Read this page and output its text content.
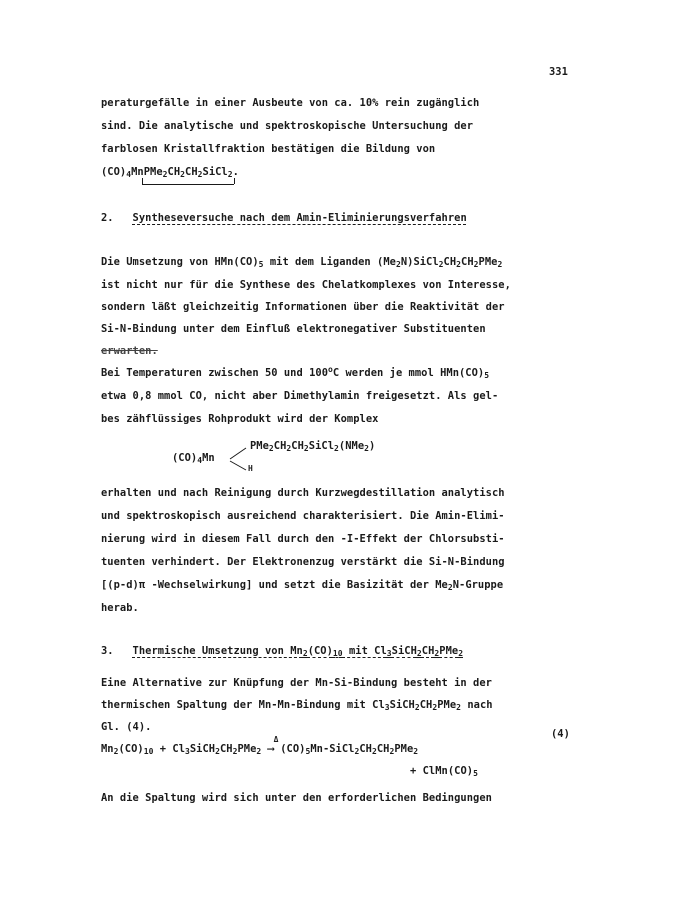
331
peraturgefälle in einer Ausbeute von ca. 10% rein zugänglich
sind. Die analytische und spektroskopische Untersuchung der
farblosen Kristallfraktion bestätigen die Bildung von
$(CO)_4MnPMe_2CH_2CH_2SiCl_2$.
2. Syntheseversuche nach dem Amin-Eliminierungsverfahren
Die Umsetzung von $HMn(CO)_5$ mit dem Liganden $(Me_2N)SiCl_2CH_2CH_2PMe_2$
ist nicht nur für die Synthese des Chelatkomplexes von Interesse,
sondern läßt gleichzeitig Informationen über die Reaktivität der
Si-N-Bindung unter dem Einfluß elektronegativer Substituenten
erwarten.
Bei Temperaturen zwischen 50 und 100$^o$C werden je mmol $HMn(CO)_5$
etwa 0,8 mmol CO, nicht aber Dimethylamin freigesetzt. Als gel-
bes zähflüssiges Rohprodukt wird der Komplex
$(CO)_4Mn$
$PMe_2CH_2CH_2SiCl_2(NMe_2)$
H
erhalten und nach Reinigung durch Kurzwegdestillation analytisch
und spektroskopisch ausreichend charakterisiert. Die Amin-Elimi-
nierung wird in diesem Fall durch den -I-Effekt der Chlorsubsti-
tuenten verhindert. Der Elektronenzug verstärkt die Si-N-Bindung
[(p-d)π -Wechselwirkung] und setzt die Basizität der $Me_2N$-Gruppe
herab.
3. Thermische Umsetzung von $Mn_2(CO)_{10}$ mit $Cl_3SiCH_2CH_2PMe_2$
Eine Alternative zur Knüpfung der Mn-Si-Bindung besteht in der
thermischen Spaltung der Mn-Mn-Bindung mit $Cl_3SiCH_2CH_2PMe_2$ nach
Gl. (4).
$Mn_2(CO)_{10}$ + $Cl_3SiCH_2CH_2PMe_2$
Δ
⟶ $(CO)_5Mn-SiCl_2CH_2CH_2PMe_2$
(4)
+ $ClMn(CO)_5$
An die Spaltung wird sich unter den erforderlichen Bedingungen
